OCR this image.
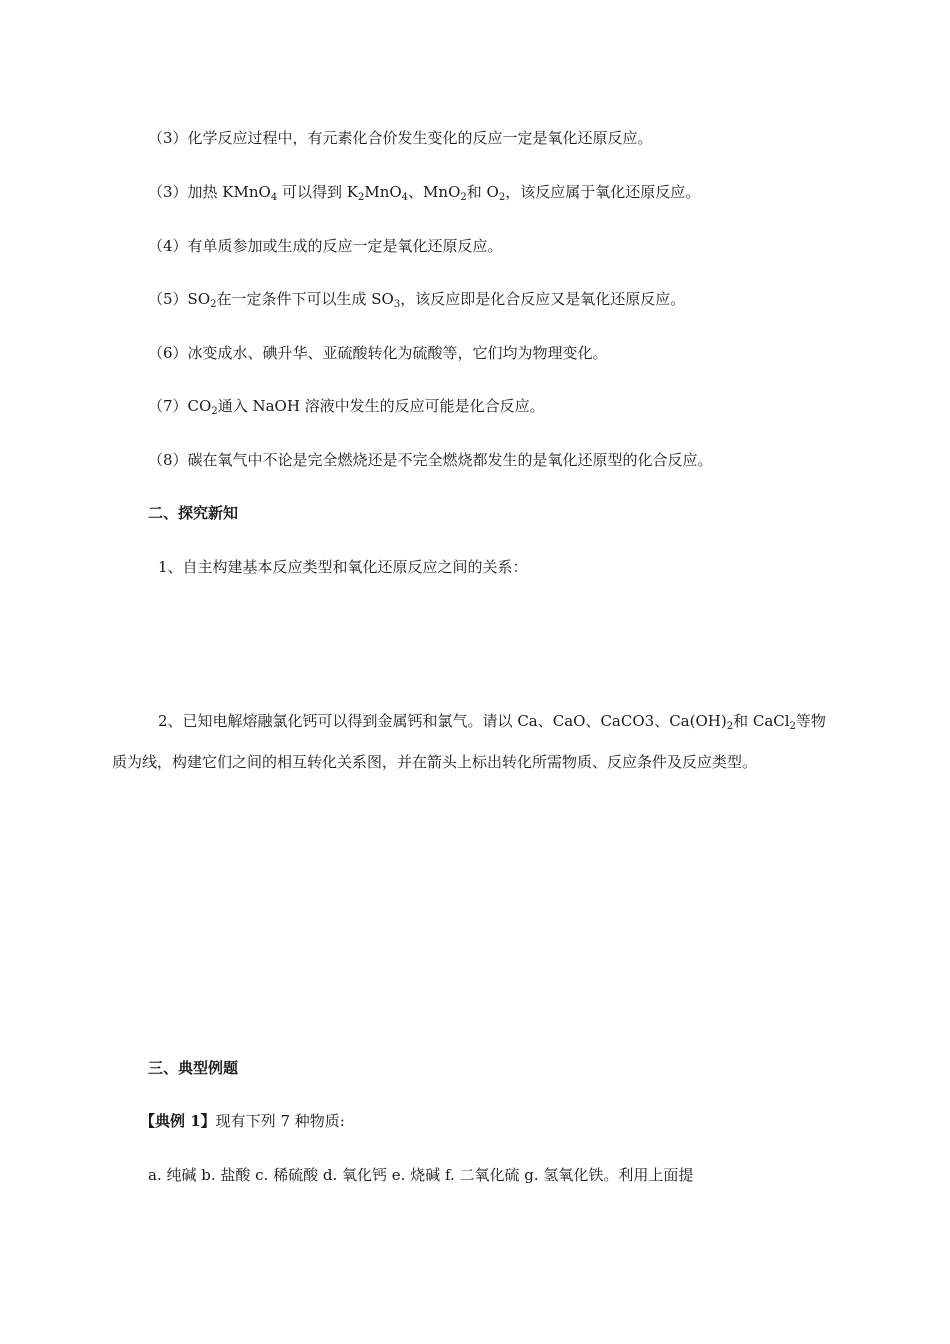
（3）化学反应过程中，有元素化合价发生变化的反应一定是氧化还原反应。
（3）加热 KMnO$_4$ 可以得到 $K_2MnO_4$、MnO$_2$和 $O_2$，该反应属于氧化还原反应。
（4）有单质参加或生成的反应一定是氧化还原反应。
$(5)SO_2$在一定条件下可以生成 $SO_3$，该反应即是化合反应又是氧化还原反应。
（6）冰变成水、碘升华、亚硫酸转化为硫酸等，它们均为物理变化。
$(7)CO_2$通入 NaOH 溶液中发生的反应可能是化合反应。
（8）碳在氧气中不论是完全燃烧还是不完全燃烧都发生的是氧化还原型的化合反应。
二、探究新知
1、自主构建基本反应类型和氧化还原反应之间的关系：
2、已知电解熔融氯化钙可以得到金属钙和氯气。请以 Ca、CaO、CaCO3、$Ca(OH)_2$和 CaCl$_2$等物
质为线，构建它们之间的相互转化关系图，并在箭头上标出转化所需物质、反应条件及反应类型。
三、典型例题
【典例 1】现有下列 7 种物质:
a. 纯碱 b. 盐酸 c. 稀硫酸 d. 氧化钙 e. 烧碱 f. 二氧化硫 g. 氢氧化铁。利用上面提
